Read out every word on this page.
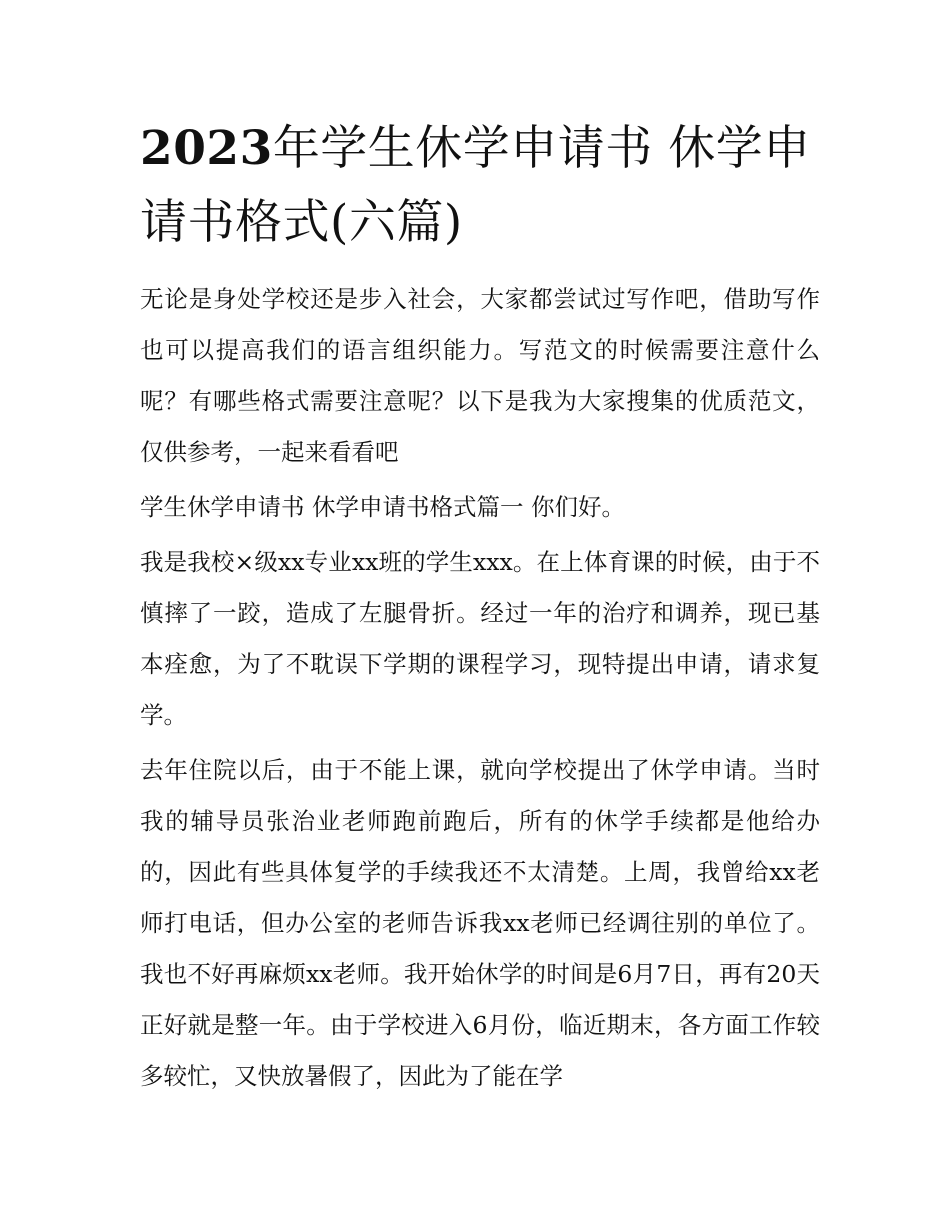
2023年学生休学申请书 休学申请书格式(六篇)

无论是身处学校还是步入社会，大家都尝试过写作吧，借助写作也可以提高我们的语言组织能力。写范文的时候需要注意什么呢？有哪些格式需要注意呢？以下是我为大家搜集的优质范文，仅供参考，一起来看看吧

学生休学申请书 休学申请书格式篇一 你们好。

我是我校×级xx专业xx班的学生xxx。在上体育课的时候，由于不慎摔了一跤，造成了左腿骨折。经过一年的治疗和调养，现已基本痊愈，为了不耽误下学期的课程学习，现特提出申请，请求复学。

去年住院以后，由于不能上课，就向学校提出了休学申请。当时我的辅导员张治业老师跑前跑后，所有的休学手续都是他给办的，因此有些具体复学的手续我还不太清楚。上周，我曾给xx老师打电话，但办公室的老师告诉我xx老师已经调往别的单位了。我也不好再麻烦xx老师。我开始休学的时间是6月7日，再有20天正好就是整一年。由于学校进入6月份，临近期末，各方面工作较多较忙，又快放暑假了，因此为了能在学
